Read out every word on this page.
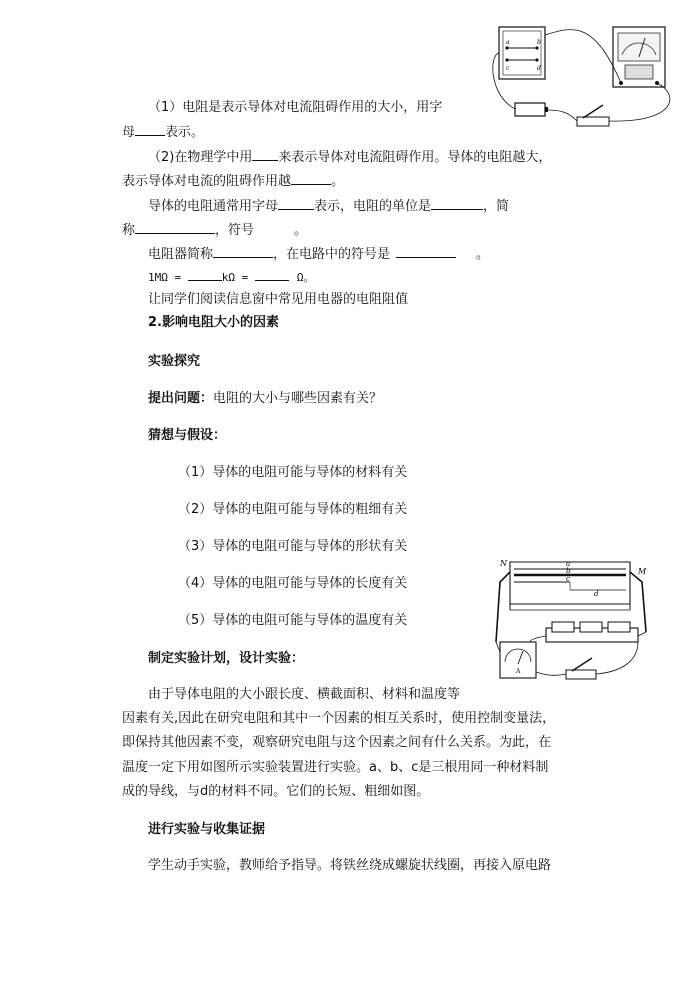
a	b
c	d
（1）电阻是表示导体对电流阻碍作用的大小，用字
母 表示。
（2)在物理学中用 来表示导体对电流阻碍作用。导体的电阻越大，
表示导体对电流的阻碍作用越	。
导体的电阻通常用字母	表示，电阻的单位是	，简
称	，符号	。
电阻器简称	，在电路中的符号是	。
1MΩ =	kΩ =	Ω。
让同学们阅读信息窗中常见用电器的电阻阻值
2.影响电阻大小的因素
实验探究
提出问题：电阻的大小与哪些因素有关？
猜想与假设：
（1）导体的电阻可能与导体的材料有关
（2）导体的电阻可能与导体的粗细有关
（3）导体的电阻可能与导体的形状有关
（4）导体的电阻可能与导体的长度有关
（5）导体的电阻可能与导体的温度有关
N
M
a
b
c
d
A
制定实验计划，设计实验：
由于导体电阻的大小跟长度、横截面积、材料和温度等
因素有关,因此在研究电阻和其中一个因素的相互关系时，使用控制变量法，
即保持其他因素不变，观察研究电阻与这个因素之间有什么关系。为此，在
温度一定下用如图所示实验装置进行实验。a、b、c是三根用同一种材料制
成的导线，与d的材料不同。它们的长短、粗细如图。
进行实验与收集证据
学生动手实验，教师给予指导。将铁丝绕成螺旋状线圈，再接入原电路
